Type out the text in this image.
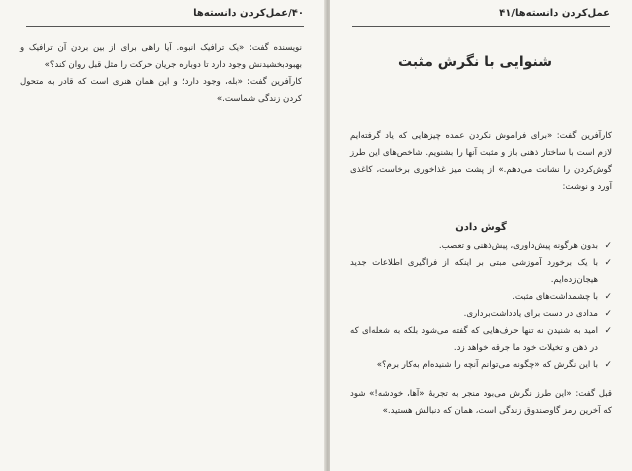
۴۰/عمل‌کردن دانسته‌ها

نویسنده گفت: «یک ترافیک انبوه. آیا راهی برای از بین بردن آن ترافیک و بهبودبخشیدنش وجود دارد تا دوباره جریان حرکت را مثل قبل روان کند؟»

کارآفرین گفت: «بله، وجود دارد؛ و این همان هنری است که قادر به متحول کردن زندگی شماست.»

عمل‌کردن دانسته‌ها/۴۱
شنوایی با نگرش مثبت

کارآفرین گفت: «برای فراموش نکردن عمده چیزهایی که یاد گرفته‌ایم لازم است با ساختار ذهنی باز و مثبت آنها را بشنویم. شاخص‌های این طرز گوش‌کردن را نشانت می‌دهم.» از پشت میز غذاخوری برخاست، کاغذی آورد و نوشت:

گوش دادن
✓
بدون هرگونه پیش‌داوری، پیش‌ذهنی و تعصب.
✓
با یک برخورد آموزشی مبتی بر اینکه از فراگیری اطلاعات جدید هیجان‌زده‌ایم.
✓
با چشمداشت‌های مثبت.
✓
مدادی در دست برای یادداشت‌برداری.
✓
امید به شنیدن نه تنها حرف‌هایی که گفته می‌شود بلکه به شعله‌ای که در ذهن و تخیلات خود ما جرقه خواهد زد.
✓
با این نگرش که «چگونه می‌توانم آنچه را شنیده‌ام به‌کار برم؟»

قبل گفت: «این طرز نگرش می‌بود منجر به تجربهٔ «آها، خودشه!» شود که آخرین رمز گاوصندوق زندگی است، همان که دنبالش هستید.»
